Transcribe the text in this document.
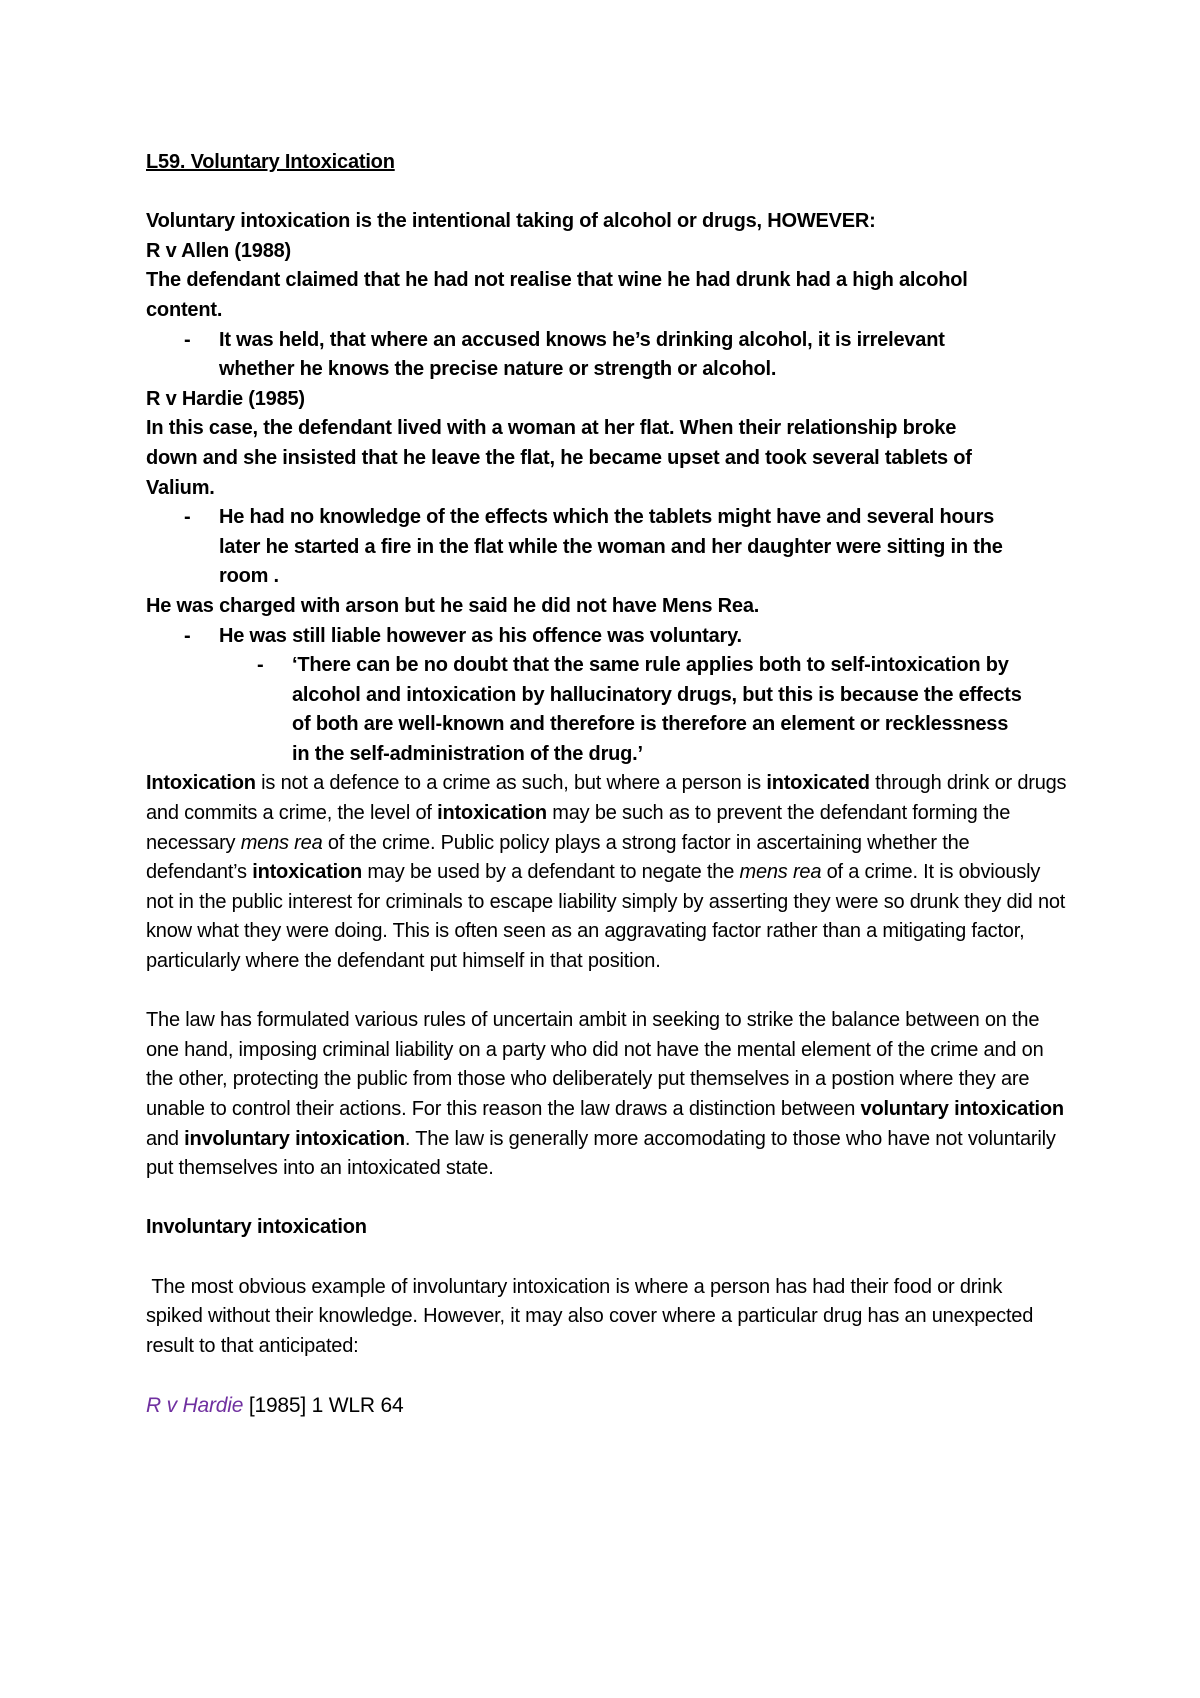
L59. Voluntary Intoxication

Voluntary intoxication is the intentional taking of alcohol or drugs, HOWEVER:

R v Allen (1988)

The defendant claimed that he had not realise that wine he had drunk had a high alcohol content.

- It was held, that where an accused knows he’s drinking alcohol, it is irrelevant whether he knows the precise nature or strength or alcohol.

R v Hardie (1985)

In this case, the defendant lived with a woman at her flat. When their relationship broke down and she insisted that he leave the flat, he became upset and took several tablets of Valium.

- He had no knowledge of the effects which the tablets might have and several hours later he started a fire in the flat while the woman and her daughter were sitting in the room .

He was charged with arson but he said he did not have Mens Rea.

- He was still liable however as his offence was voluntary.
- ‘There can be no doubt that the same rule applies both to self-intoxication by alcohol and intoxication by hallucinatory drugs, but this is because the effects of both are well-known and therefore is therefore an element or recklessness in the self-administration of the drug.’

Intoxication is not a defence to a crime as such, but where a person is intoxicated through drink or drugs and commits a crime, the level of intoxication may be such as to prevent the defendant forming the necessary mens rea of the crime. Public policy plays a strong factor in ascertaining whether the defendant’s intoxication may be used by a defendant to negate the mens rea of a crime. It is obviously not in the public interest for criminals to escape liability simply by asserting they were so drunk they did not know what they were doing. This is often seen as an aggravating factor rather than a mitigating factor, particularly where the defendant put himself in that position.

The law has formulated various rules of uncertain ambit in seeking to strike the balance between on the one hand, imposing criminal liability on a party who did not have the mental element of the crime and on the other, protecting the public from those who deliberately put themselves in a postion where they are unable to control their actions. For this reason the law draws a distinction between voluntary intoxication and involuntary intoxication. The law is generally more accomodating to those who have not voluntarily put themselves into an intoxicated state.

Involuntary intoxication

The most obvious example of involuntary intoxication is where a person has had their food or drink spiked without their knowledge. However, it may also cover where a particular drug has an unexpected result to that anticipated:

R v Hardie [1985] 1 WLR 64
